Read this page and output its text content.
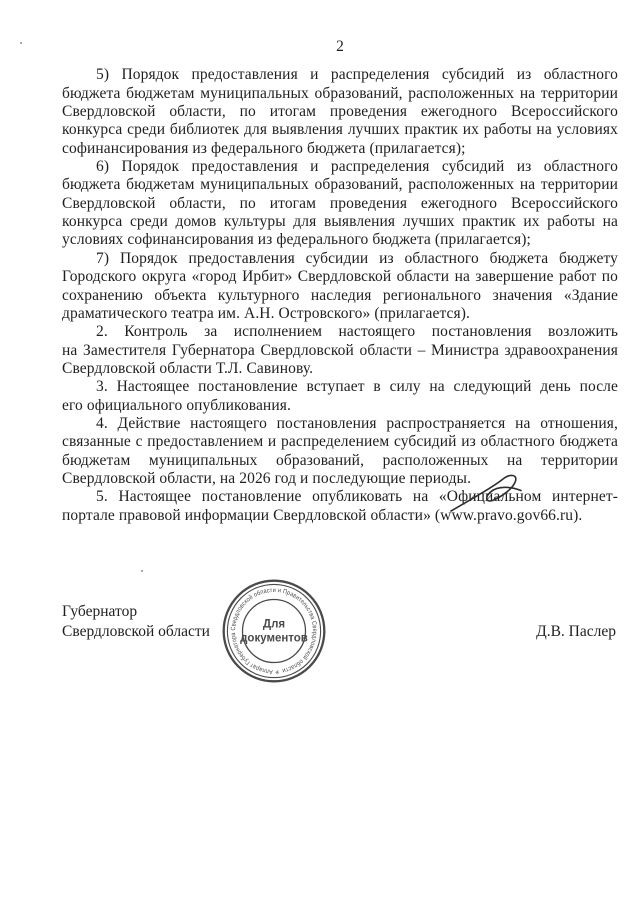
2
5) Порядок предоставления и распределения субсидий из областного
бюджета бюджетам муниципальных образований, расположенных на территории
Свердловской области, по итогам проведения ежегодного Всероссийского
конкурса среди библиотек для выявления лучших практик их работы на условиях
софинансирования из федерального бюджета (прилагается);
6) Порядок предоставления и распределения субсидий из областного
бюджета бюджетам муниципальных образований, расположенных на территории
Свердловской области, по итогам проведения ежегодного Всероссийского
конкурса среди домов культуры для выявления лучших практик их работы на
условиях софинансирования из федерального бюджета (прилагается);
7) Порядок предоставления субсидии из областного бюджета бюджету
Городского округа «город Ирбит» Свердловской области на завершение работ по
сохранению объекта культурного наследия регионального значения «Здание
драматического театра им. А.Н. Островского» (прилагается).
2. Контроль за исполнением настоящего постановления возложить
на Заместителя Губернатора Свердловской области – Министра здравоохранения
Свердловской области Т.Л. Савинову.
3. Настоящее постановление вступает в силу на следующий день после
его официального опубликования.
4. Действие настоящего постановления распространяется на отношения,
связанные с предоставлением и распределением субсидий из областного бюджета
бюджетам муниципальных образований, расположенных на территории
Свердловской области, на 2026 год и последующие периоды.
5. Настоящее постановление опубликовать на «Официальном интернет-
портале правовой информации Свердловской области» (www.pravo.gov66.ru).
Губернатор
Свердловской области	Д.В. Паслер
✳ Аппарат Губернатора Свердловской области и Правительства Свердловской области
Для
документов
